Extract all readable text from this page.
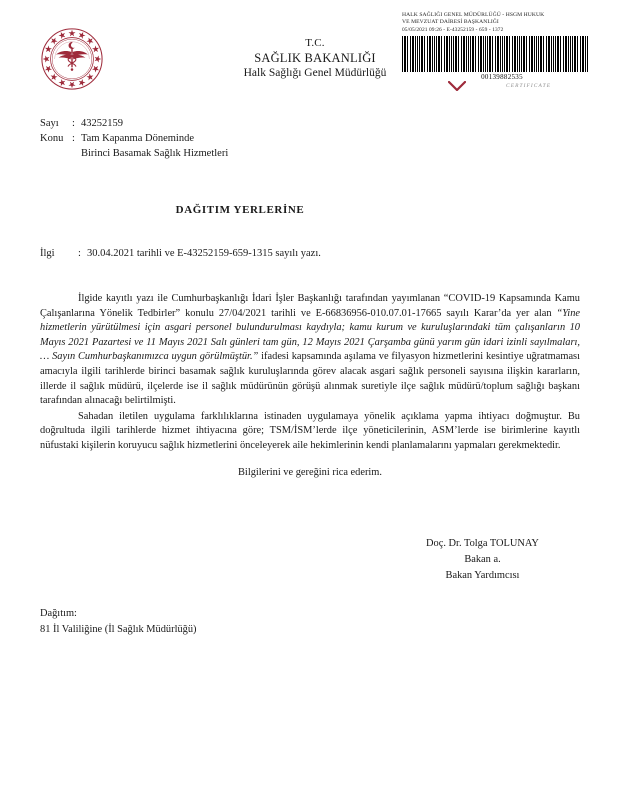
HALK SAĞLIĞI GENEL MÜDÜRLÜĞÜ - HSGM HUKUK
VE MEVZUAT DAİRESİ BAŞKANLIĞI
05/05/2021 09:26 - E-43252159 - 659 - 1372
00139882535
CERTIFICATE
T.C.
SAĞLIK BAKANLIĞI
Halk Sağlığı Genel Müdürlüğü
Sayı	: 43252159
Konu : Tam Kapanma Döneminde
Birinci Basamak Sağlık Hizmetleri
DAĞITIM YERLERİNE
İlgi	: 30.04.2021 tarihli ve E-43252159-659-1315 sayılı yazı.

İlgide kayıtlı yazı ile Cumhurbaşkanlığı İdari İşler Başkanlığı tarafından yayımlanan “COVID-19 Kapsamında Kamu Çalışanlarına Yönelik Tedbirler” konulu 27/04/2021 tarihli ve E-66836956-010.07.01-17665 sayılı Karar’da yer alan “Yine hizmetlerin yürütülmesi için asgari personel bulundurulması kaydıyla; kamu kurum ve kuruluşlarındaki tüm çalışanların 10 Mayıs 2021 Pazartesi ve 11 Mayıs 2021 Salı günleri tam gün, 12 Mayıs 2021 Çarşamba günü yarım gün idari izinli sayılmaları, … Sayın Cumhurbaşkanımızca uygun görülmüştür.” ifadesi kapsamında aşılama ve filyasyon hizmetlerini kesintiye uğratmaması amacıyla ilgili tarihlerde birinci basamak sağlık kuruluşlarında görev alacak asgari sağlık personeli sayısına ilişkin kararların, illerde il sağlık müdürü, ilçelerde ise il sağlık müdürünün görüşü alınmak suretiyle ilçe sağlık müdürü/toplum sağlığı başkanı tarafından alınacağı belirtilmişti.

Sahadan iletilen uygulama farklılıklarına istinaden uygulamaya yönelik açıklama yapma ihtiyacı doğmuştur. Bu doğrultuda ilgili tarihlerde hizmet ihtiyacına göre; TSM/İSM’lerde ilçe yöneticilerinin, ASM’lerde ise birimlerine kayıtlı nüfustaki kişilerin koruyucu sağlık hizmetlerini önceleyerek aile hekimlerinin kendi planlamalarını yapmaları gerekmektedir.

Bilgilerini ve gereğini rica ederim.

Doç. Dr. Tolga TOLUNAY
Bakan a.
Bakan Yardımcısı
Dağıtım:
81 İl Valiliğine (İl Sağlık Müdürlüğü)
